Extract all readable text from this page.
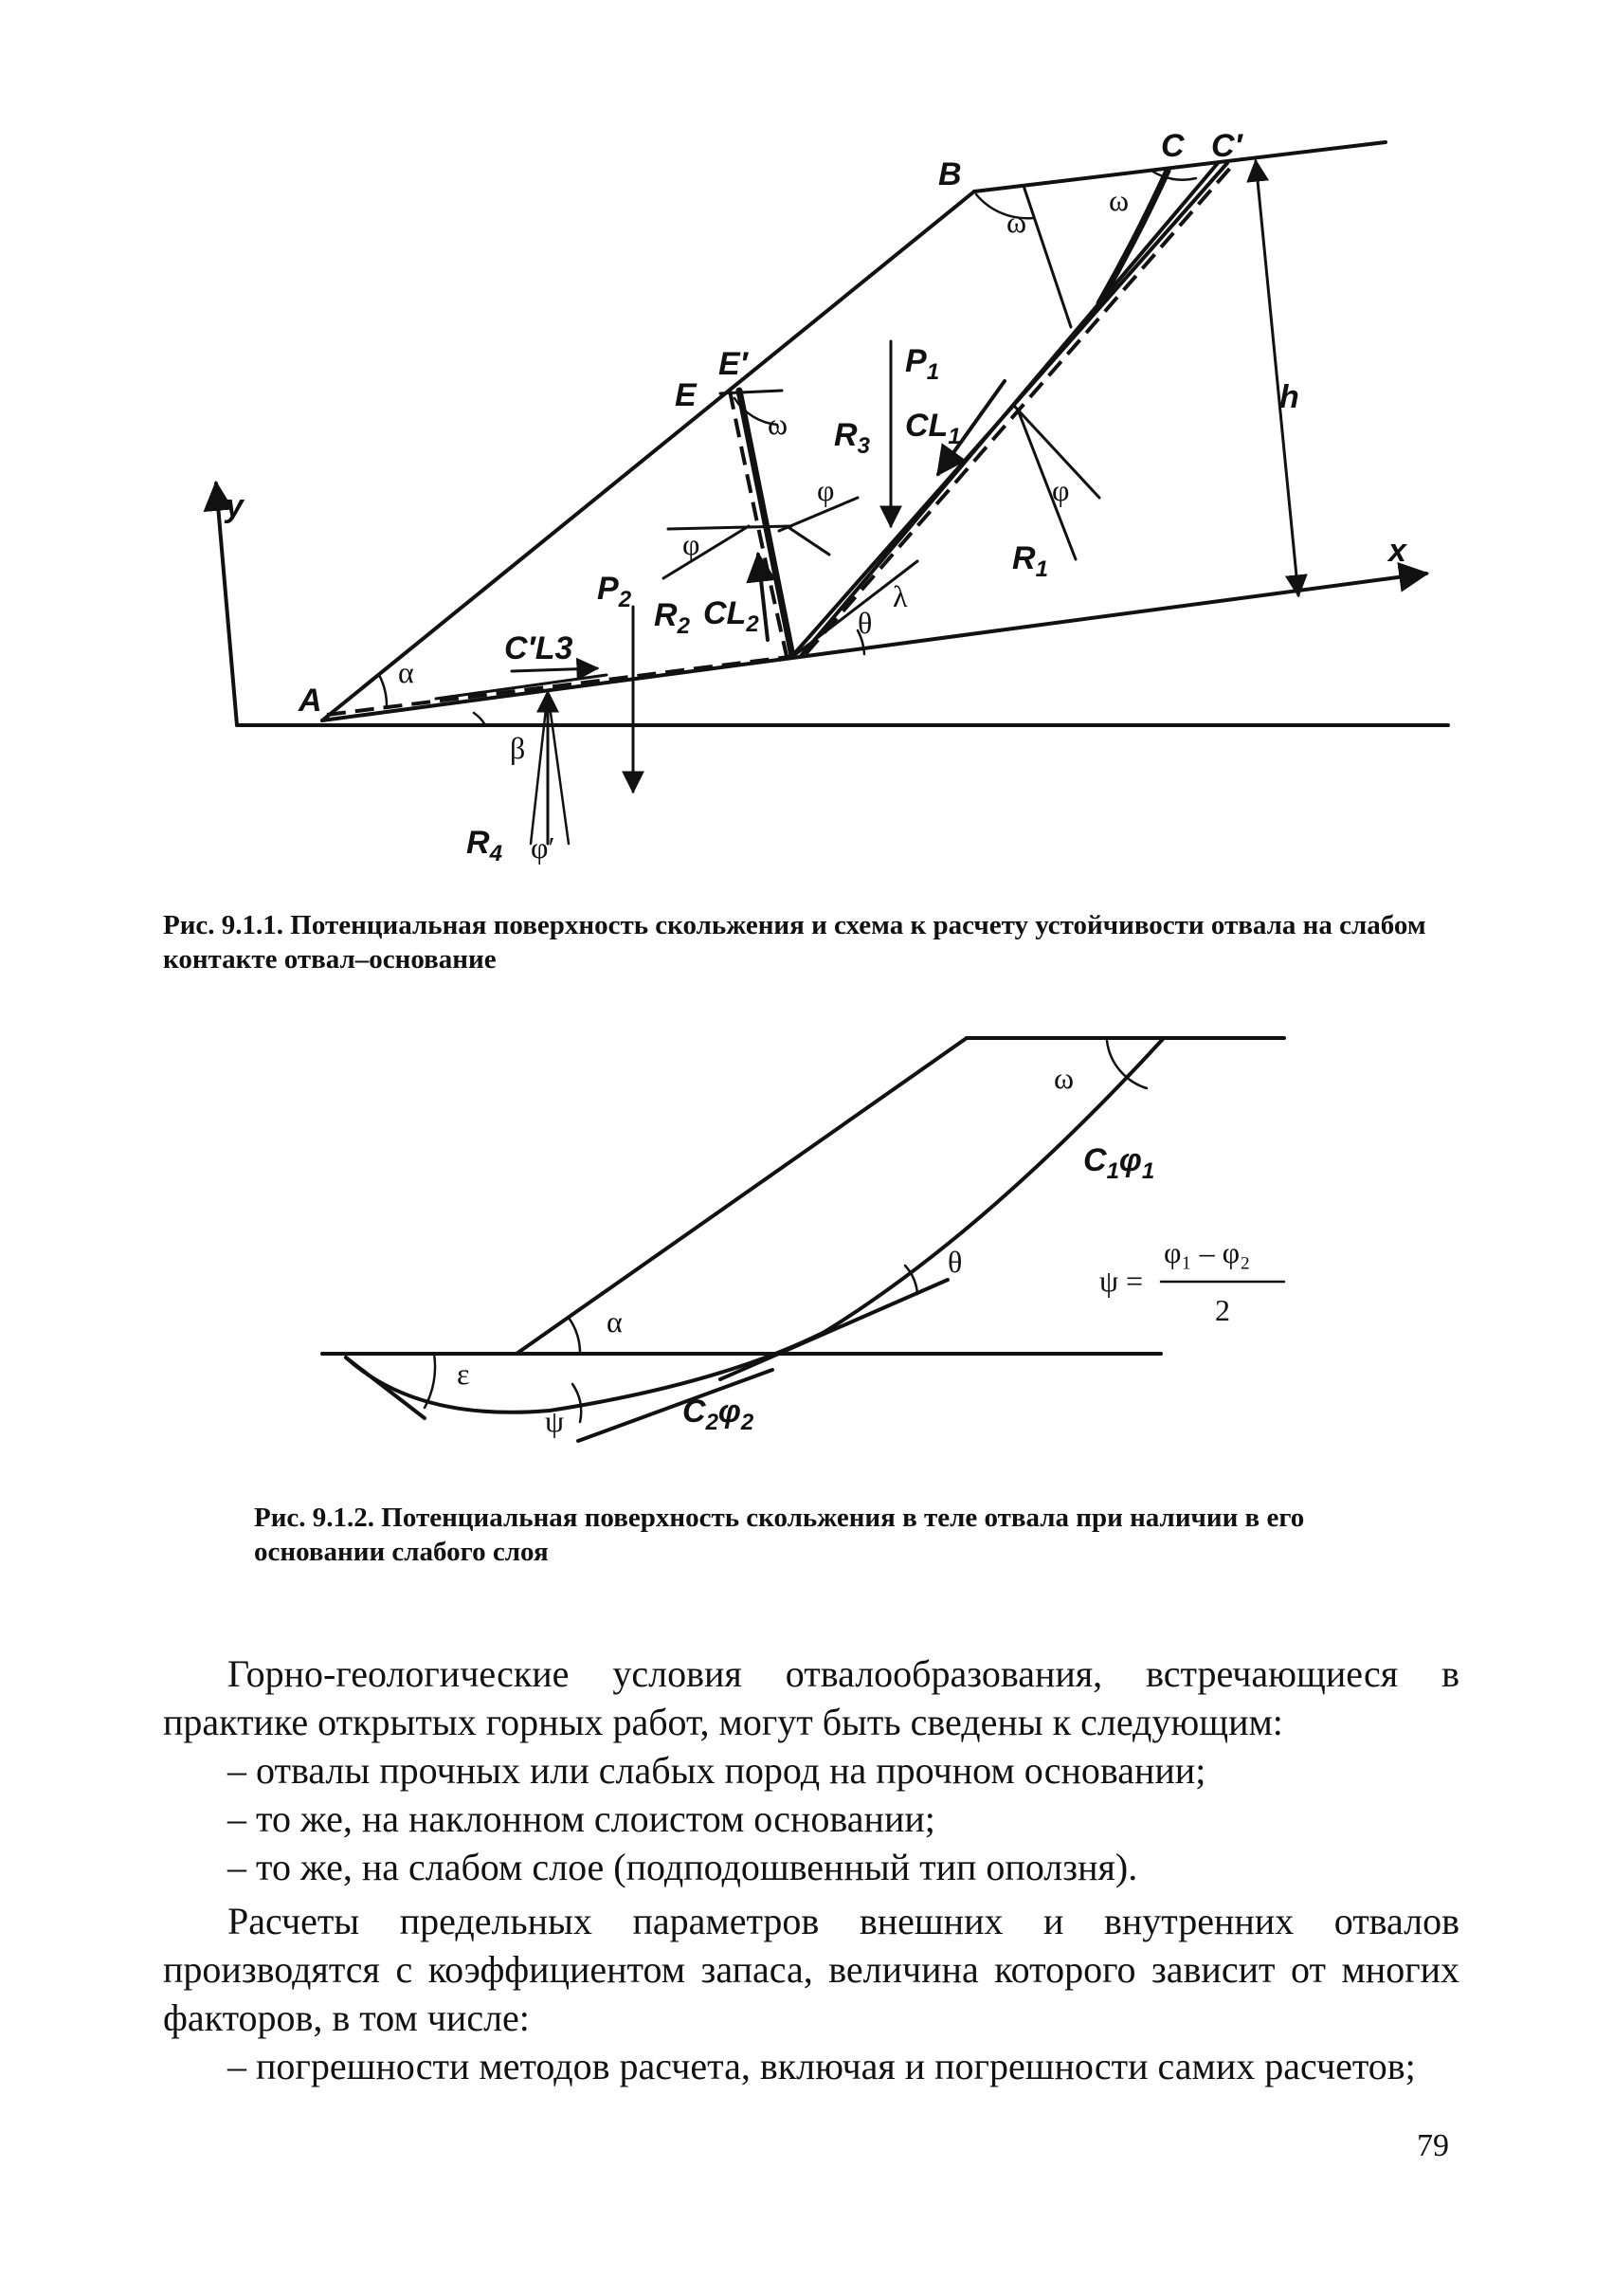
B
C C′
E′
E
A
y
x
h
$P_1$
$CL_1$
$R_3$
$R_1$
$P_2$ $R_2$ $CL_2$
C′L3
$R_4$
ω
ω
ω
φ
φ
φ
φ′
α
β
θ
λ
Рис. 9.1.1. Потенциальная поверхность скольжения и схема к расчету устойчивости отвала на слабом контакте отвал–основание
ω
α
ε
ψ
θ
$C_1\varphi_1$
$C_2\varphi_2$
ψ =
φ₁ – φ₂
2
Рис. 9.1.2. Потенциальная поверхность скольжения в теле отвала при наличии в его основании слабого слоя

Горно-геологические условия отвалообразования, встречающиеся в практике открытых горных работ, могут быть сведены к следующим:

– отвалы прочных или слабых пород на прочном основании;

– то же, на наклонном слоистом основании;

– то же, на слабом слое (подподошвенный тип оползня).

Расчеты предельных параметров внешних и внутренних отвалов производятся с коэффициентом запаса, величина которого зависит от многих факторов, в том числе:

– погрешности методов расчета, включая и погрешности самих расчетов;

79
